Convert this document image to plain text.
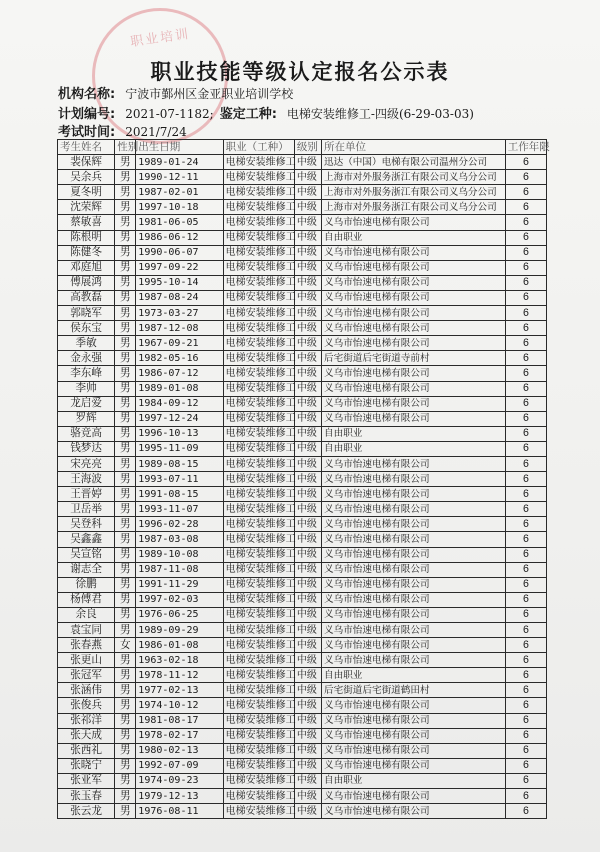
职业培训
职业技能等级认定报名公示表
机构名称: 宁波市鄞州区金亚职业培训学校
计划编号: 2021-07-1182; 鉴定工种: 电梯安装维修工-四级(6-29-03-03)
考试时间: 2021/7/24
考生姓名	性别	出生日期	职业（工种）	级别	所在单位	工作年限
裴保辉	男	1989-01-24	电梯安装维修工	中级	迅达（中国）电梯有限公司温州分公司	6
吴余兵	男	1990-12-11	电梯安装维修工	中级	上海市对外服务浙江有限公司义乌分公司	6
夏冬明	男	1987-02-01	电梯安装维修工	中级	上海市对外服务浙江有限公司义乌分公司	6
沈荣辉	男	1997-10-18	电梯安装维修工	中级	上海市对外服务浙江有限公司义乌分公司	6
蔡敏喜	男	1981-06-05	电梯安装维修工	中级	义乌市怡速电梯有限公司	6
陈根明	男	1986-06-12	电梯安装维修工	中级	自由职业	6
陈健冬	男	1990-06-07	电梯安装维修工	中级	义乌市怡速电梯有限公司	6
邓庭旭	男	1997-09-22	电梯安装维修工	中级	义乌市怡速电梯有限公司	6
傅展鸿	男	1995-10-14	电梯安装维修工	中级	义乌市怡速电梯有限公司	6
高教磊	男	1987-08-24	电梯安装维修工	中级	义乌市怡速电梯有限公司	6
郭晓军	男	1973-03-27	电梯安装维修工	中级	义乌市怡速电梯有限公司	6
侯东宝	男	1987-12-08	电梯安装维修工	中级	义乌市怡速电梯有限公司	6
季敏	男	1967-09-21	电梯安装维修工	中级	义乌市怡速电梯有限公司	6
金永强	男	1982-05-16	电梯安装维修工	中级	后宅街道后宅街道寺前村	6
李东峰	男	1986-07-12	电梯安装维修工	中级	义乌市怡速电梯有限公司	6
李帅	男	1989-01-08	电梯安装维修工	中级	义乌市怡速电梯有限公司	6
龙启爱	男	1984-09-12	电梯安装维修工	中级	义乌市怡速电梯有限公司	6
罗辉	男	1997-12-24	电梯安装维修工	中级	义乌市怡速电梯有限公司	6
骆竞高	男	1996-10-13	电梯安装维修工	中级	自由职业	6
钱梦达	男	1995-11-09	电梯安装维修工	中级	自由职业	6
宋亮亮	男	1989-08-15	电梯安装维修工	中级	义乌市怡速电梯有限公司	6
王海波	男	1993-07-11	电梯安装维修工	中级	义乌市怡速电梯有限公司	6
王晋婷	男	1991-08-15	电梯安装维修工	中级	义乌市怡速电梯有限公司	6
卫岳举	男	1993-11-07	电梯安装维修工	中级	义乌市怡速电梯有限公司	6
吴登科	男	1996-02-28	电梯安装维修工	中级	义乌市怡速电梯有限公司	6
吴鑫鑫	男	1987-03-08	电梯安装维修工	中级	义乌市怡速电梯有限公司	6
吴宣铭	男	1989-10-08	电梯安装维修工	中级	义乌市怡速电梯有限公司	6
谢志全	男	1987-11-08	电梯安装维修工	中级	义乌市怡速电梯有限公司	6
徐鹏	男	1991-11-29	电梯安装维修工	中级	义乌市怡速电梯有限公司	6
杨傅君	男	1997-02-03	电梯安装维修工	中级	义乌市怡速电梯有限公司	6
余良	男	1976-06-25	电梯安装维修工	中级	义乌市怡速电梯有限公司	6
袁宝同	男	1989-09-29	电梯安装维修工	中级	义乌市怡速电梯有限公司	6
张春燕	女	1986-01-08	电梯安装维修工	中级	义乌市怡速电梯有限公司	6
张更山	男	1963-02-18	电梯安装维修工	中级	义乌市怡速电梯有限公司	6
张冠军	男	1978-11-12	电梯安装维修工	中级	自由职业	6
张涵伟	男	1977-02-13	电梯安装维修工	中级	后宅街道后宅街道鹤田村	6
张俊兵	男	1974-10-12	电梯安装维修工	中级	义乌市怡速电梯有限公司	6
张祁洋	男	1981-08-17	电梯安装维修工	中级	义乌市怡速电梯有限公司	6
张天成	男	1978-02-17	电梯安装维修工	中级	义乌市怡速电梯有限公司	6
张西礼	男	1980-02-13	电梯安装维修工	中级	义乌市怡速电梯有限公司	6
张晓宁	男	1992-07-09	电梯安装维修工	中级	义乌市怡速电梯有限公司	6
张亚军	男	1974-09-23	电梯安装维修工	中级	自由职业	6
张玉春	男	1979-12-13	电梯安装维修工	中级	义乌市怡速电梯有限公司	6
张云龙	男	1976-08-11	电梯安装维修工	中级	义乌市怡速电梯有限公司	6
